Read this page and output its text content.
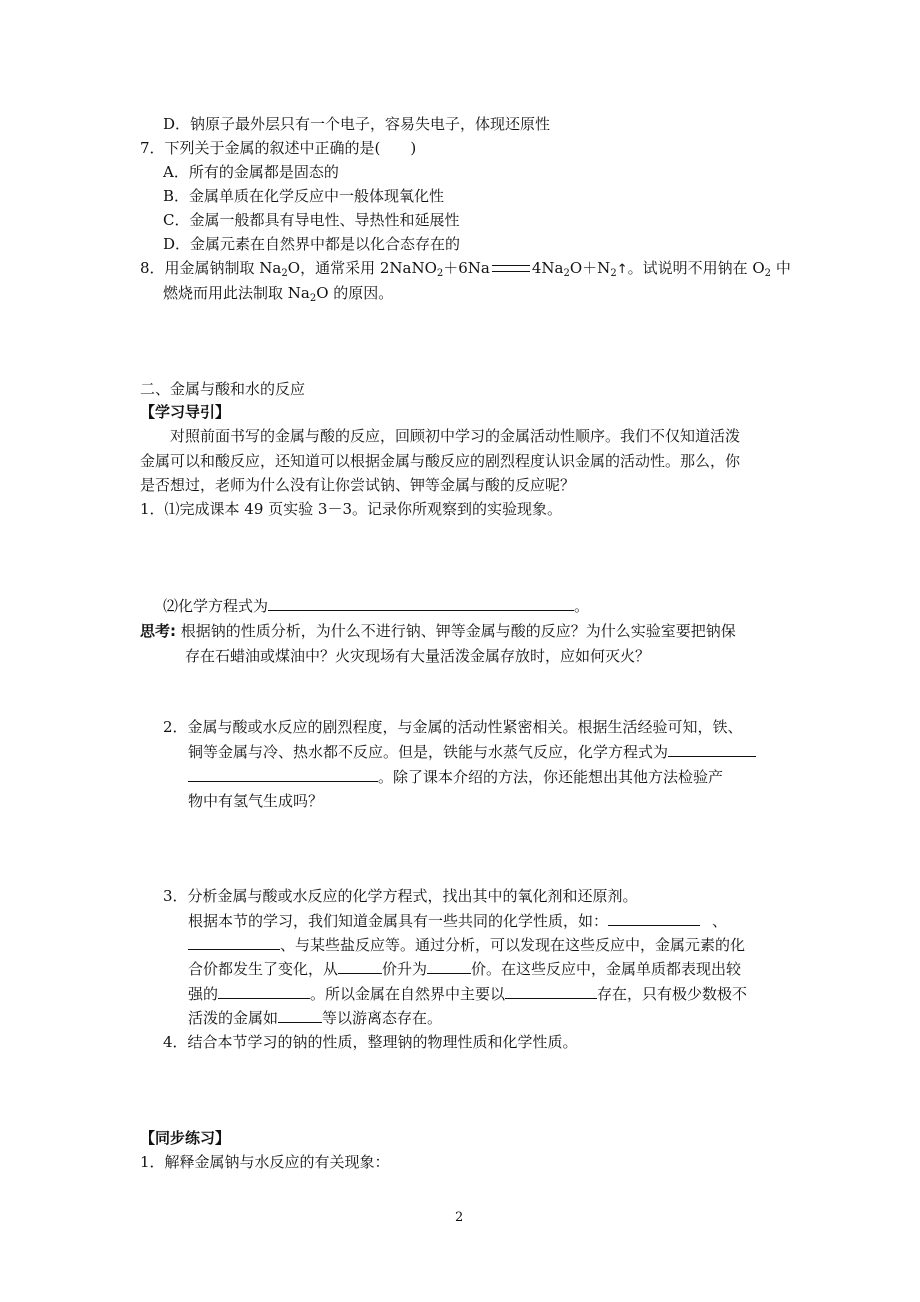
D．钠原子最外层只有一个电子，容易失电子，体现还原性
7．下列关于金属的叙述中正确的是(　　)
A．所有的金属都是固态的
B．金属单质在化学反应中一般体现氧化性
C．金属一般都具有导电性、导热性和延展性
D．金属元素在自然界中都是以化合态存在的
8．用金属钠制取 $Na_2O$，通常采用 2NaNO$_2$＋6Na	$4Na_2O+N_2↑$。试说明不用钠在 $O_2$ 中
燃烧而用此法制取 $Na_2O$ 的原因。
二、金属与酸和水的反应
【学习导引】
对照前面书写的金属与酸的反应，回顾初中学习的金属活动性顺序。我们不仅知道活泼
金属可以和酸反应，还知道可以根据金属与酸反应的剧烈程度认识金属的活动性。那么，你
是否想过，老师为什么没有让你尝试钠、钾等金属与酸的反应呢？
1．⑴完成课本 49 页实验 3－3。记录你所观察到的实验现象。
⑵化学方程式为	。
思考: 根据钠的性质分析，为什么不进行钠、钾等金属与酸的反应？为什么实验室要把钠保
存在石蜡油或煤油中？火灾现场有大量活泼金属存放时，应如何灭火？
2．金属与酸或水反应的剧烈程度，与金属的活动性紧密相关。根据生活经验可知，铁、
铜等金属与冷、热水都不反应。但是，铁能与水蒸气反应，化学方程式为
。除了课本介绍的方法，你还能想出其他方法检验产
物中有氢气生成吗？
3．分析金属与酸或水反应的化学方程式，找出其中的氧化剂和还原剂。
根据本节的学习，我们知道金属具有一些共同的化学性质，如：	、
、与某些盐反应等。通过分析，可以发现在这些反应中，金属元素的化
合价都发生了变化，从	价升为	价。在这些反应中，金属单质都表现出较
强的	。所以金属在自然界中主要以	存在，只有极少数极不
活泼的金属如	等以游离态存在。
4．结合本节学习的钠的性质，整理钠的物理性质和化学性质。
【同步练习】
1．解释金属钠与水反应的有关现象：
2
